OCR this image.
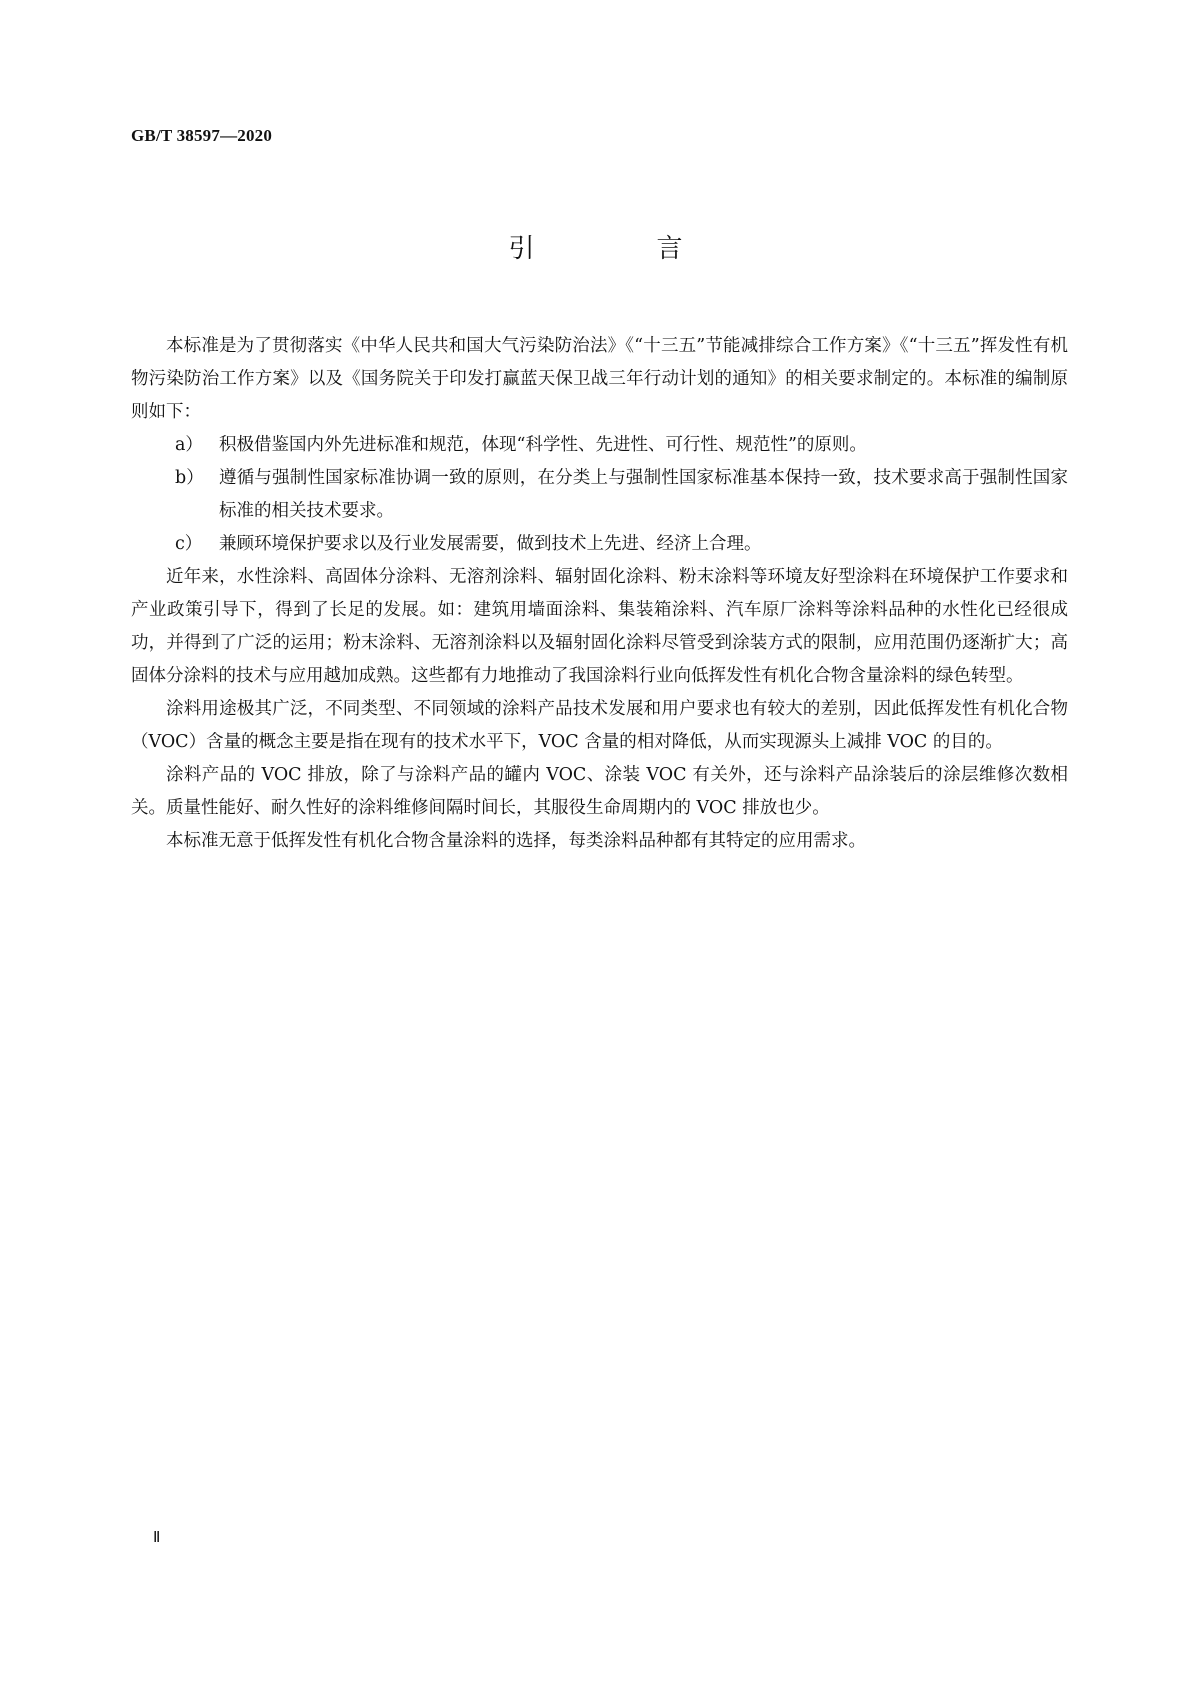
GB/T 38597—2020
引　言

本标准是为了贯彻落实《中华人民共和国大气污染防治法》《“十三五”节能减排综合工作方案》《“十三五”挥发性有机物污染防治工作方案》以及《国务院关于印发打赢蓝天保卫战三年行动计划的通知》的相关要求制定的。本标准的编制原则如下：

a） 积极借鉴国内外先进标准和规范，体现“科学性、先进性、可行性、规范性”的原则。

b） 遵循与强制性国家标准协调一致的原则，在分类上与强制性国家标准基本保持一致，技术要求高于强制性国家标准的相关技术要求。

c） 兼顾环境保护要求以及行业发展需要，做到技术上先进、经济上合理。

近年来，水性涂料、高固体分涂料、无溶剂涂料、辐射固化涂料、粉末涂料等环境友好型涂料在环境保护工作要求和产业政策引导下，得到了长足的发展。如：建筑用墙面涂料、集装箱涂料、汽车原厂涂料等涂料品种的水性化已经很成功，并得到了广泛的运用；粉末涂料、无溶剂涂料以及辐射固化涂料尽管受到涂装方式的限制，应用范围仍逐渐扩大；高固体分涂料的技术与应用越加成熟。这些都有力地推动了我国涂料行业向低挥发性有机化合物含量涂料的绿色转型。

涂料用途极其广泛，不同类型、不同领域的涂料产品技术发展和用户要求也有较大的差别，因此低挥发性有机化合物（VOC）含量的概念主要是指在现有的技术水平下，VOC 含量的相对降低，从而实现源头上减排 VOC 的目的。

涂料产品的 VOC 排放，除了与涂料产品的罐内 VOC、涂装 VOC 有关外，还与涂料产品涂装后的涂层维修次数相关。质量性能好、耐久性好的涂料维修间隔时间长，其服役生命周期内的 VOC 排放也少。

本标准无意于低挥发性有机化合物含量涂料的选择，每类涂料品种都有其特定的应用需求。

Ⅱ
